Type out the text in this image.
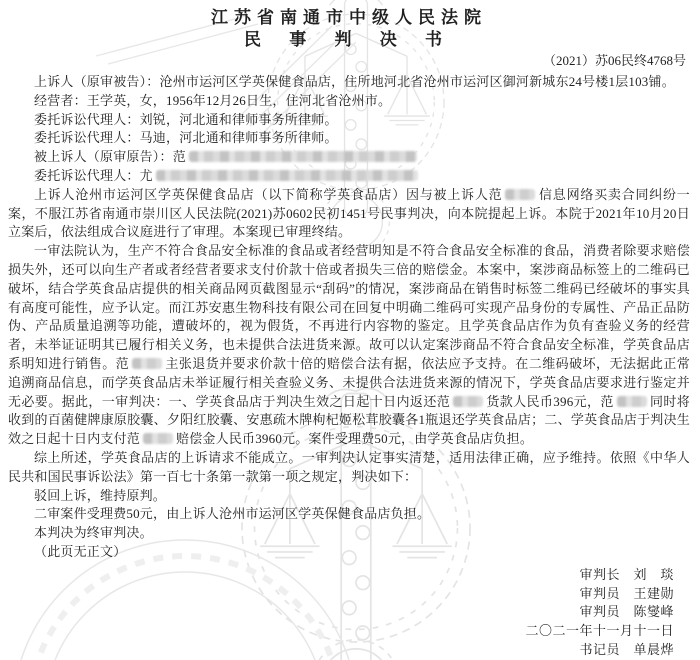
江苏省南通市中级人民法院
民 事 判 决 书
（2021）苏06民终4768号

上诉人（原审被告）：沧州市运河区学英保健食品店，住所地河北省沧州市运河区御河新城东24号楼1层103铺。

经营者：王学英，女，1956年12月26日生，住河北省沧州市。

委托诉讼代理人：刘锐，河北通和律师事务所律师。

委托诉讼代理人：马迪，河北通和律师事务所律师。

被上诉人（原审原告）：范

委托诉讼代理人：尤

上诉人沧州市运河区学英保健食品店（以下简称学英食品店）因与被上诉人范	信息网络买卖合同纠纷一案，不服江苏省南通市崇川区人民法院(2021)苏0602民初1451号民事判决，向本院提起上诉。本院于2021年10月20日立案后，依法组成合议庭进行了审理。本案现已审理终结。

一审法院认为，生产不符合食品安全标准的食品或者经营明知是不符合食品安全标准的食品，消费者除要求赔偿损失外，还可以向生产者或者经营者要求支付价款十倍或者损失三倍的赔偿金。本案中，案涉商品标签上的二维码已破坏，结合学英食品店提供的相关商品网页截图显示“刮码”的情况，案涉商品在销售时标签二维码已经破坏的事实具有高度可能性，应予认定。而江苏安惠生物科技有限公司在回复中明确二维码可实现产品身份的专属性、产品正品防伪、产品质量追溯等功能，遭破坏的，视为假货，不再进行内容物的鉴定。且学英食品店作为负有查验义务的经营者，未举证证明其已履行相关义务，也未提供合法进货来源。故可以认定案涉商品不符合食品安全标准，学英食品店系明知进行销售。范	主张退货并要求价款十倍的赔偿合法有据，依法应予支持。在二维码破坏，无法据此正常追溯商品信息，而学英食品店未举证履行相关查验义务、未提供合法进货来源的情况下，学英食品店要求进行鉴定并无必要。据此，一审判决：一、学英食品店于判决生效之日起十日内返还范	货款人民币396元，范	同时将收到的百菌健牌康原胶囊、夕阳红胶囊、安惠疏木牌枸杞姬松茸胶囊各1瓶退还学英食品店；二、学英食品店于判决生效之日起十日内支付范	赔偿金人民币3960元。案件受理费50元，由学英食品店负担。

综上所述，学英食品店的上诉请求不能成立。一审判决认定事实清楚，适用法律正确，应予维持。依照《中华人民共和国民事诉讼法》第一百七十条第一款第一项之规定，判决如下：

驳回上诉，维持原判。

二审案件受理费50元，由上诉人沧州市运河区学英保健食品店负担。

本判决为终审判决。

（此页无正文）

审判长　刘　琰
审判员　王建勋
审判员　陈燮峰
二〇二一年十一月十一日
书记员　单晨烨
